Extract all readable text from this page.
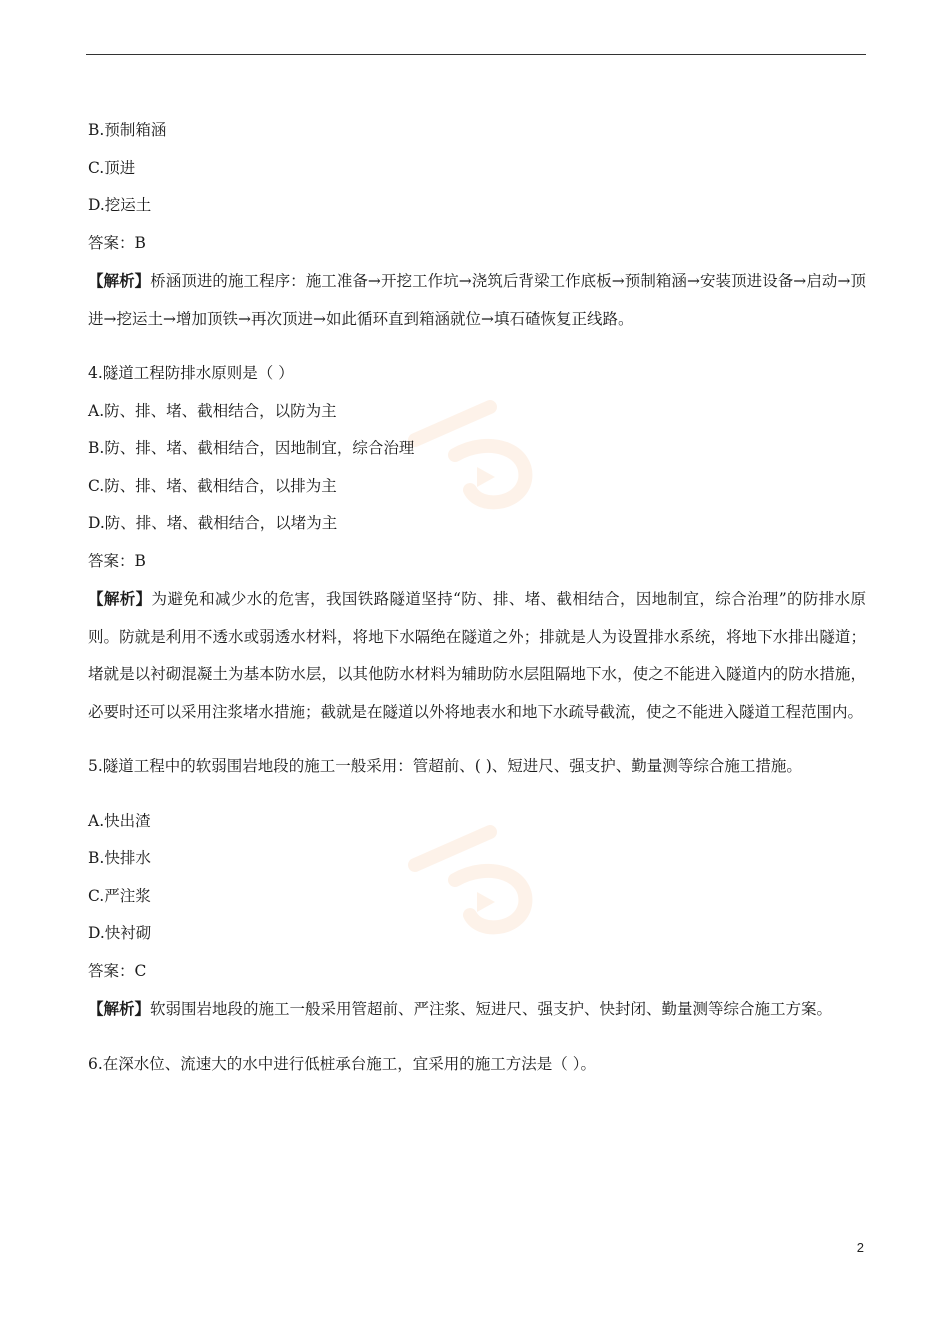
B.预制箱涵

C.顶进

D.挖运土

答案：B

【解析】桥涵顶进的施工程序：施工准备→开挖工作坑→浇筑后背梁工作底板→预制箱涵→安装顶进设备→启动→顶进→挖运土→增加顶铁→再次顶进→如此循环直到箱涵就位→填石碴恢复正线路。

4.隧道工程防排水原则是（ ）

A.防、排、堵、截相结合，以防为主

B.防、排、堵、截相结合，因地制宜，综合治理

C.防、排、堵、截相结合，以排为主

D.防、排、堵、截相结合，以堵为主

答案：B

【解析】为避免和减少水的危害，我国铁路隧道坚持“防、排、堵、截相结合，因地制宜，综合治理”的防排水原则。防就是利用不透水或弱透水材料，将地下水隔绝在隧道之外；排就是人为设置排水系统，将地下水排出隧道；堵就是以衬砌混凝土为基本防水层，以其他防水材料为辅助防水层阻隔地下水，使之不能进入隧道内的防水措施，必要时还可以采用注浆堵水措施；截就是在隧道以外将地表水和地下水疏导截流，使之不能进入隧道工程范围内。

5.隧道工程中的软弱围岩地段的施工一般采用：管超前、( )、短进尺、强支护、勤量测等综合施工措施。

A.快出渣

B.快排水

C.严注浆

D.快衬砌

答案：C

【解析】软弱围岩地段的施工一般采用管超前、严注浆、短进尺、强支护、快封闭、勤量测等综合施工方案。

6.在深水位、流速大的水中进行低桩承台施工，宜采用的施工方法是（ ）。

2
